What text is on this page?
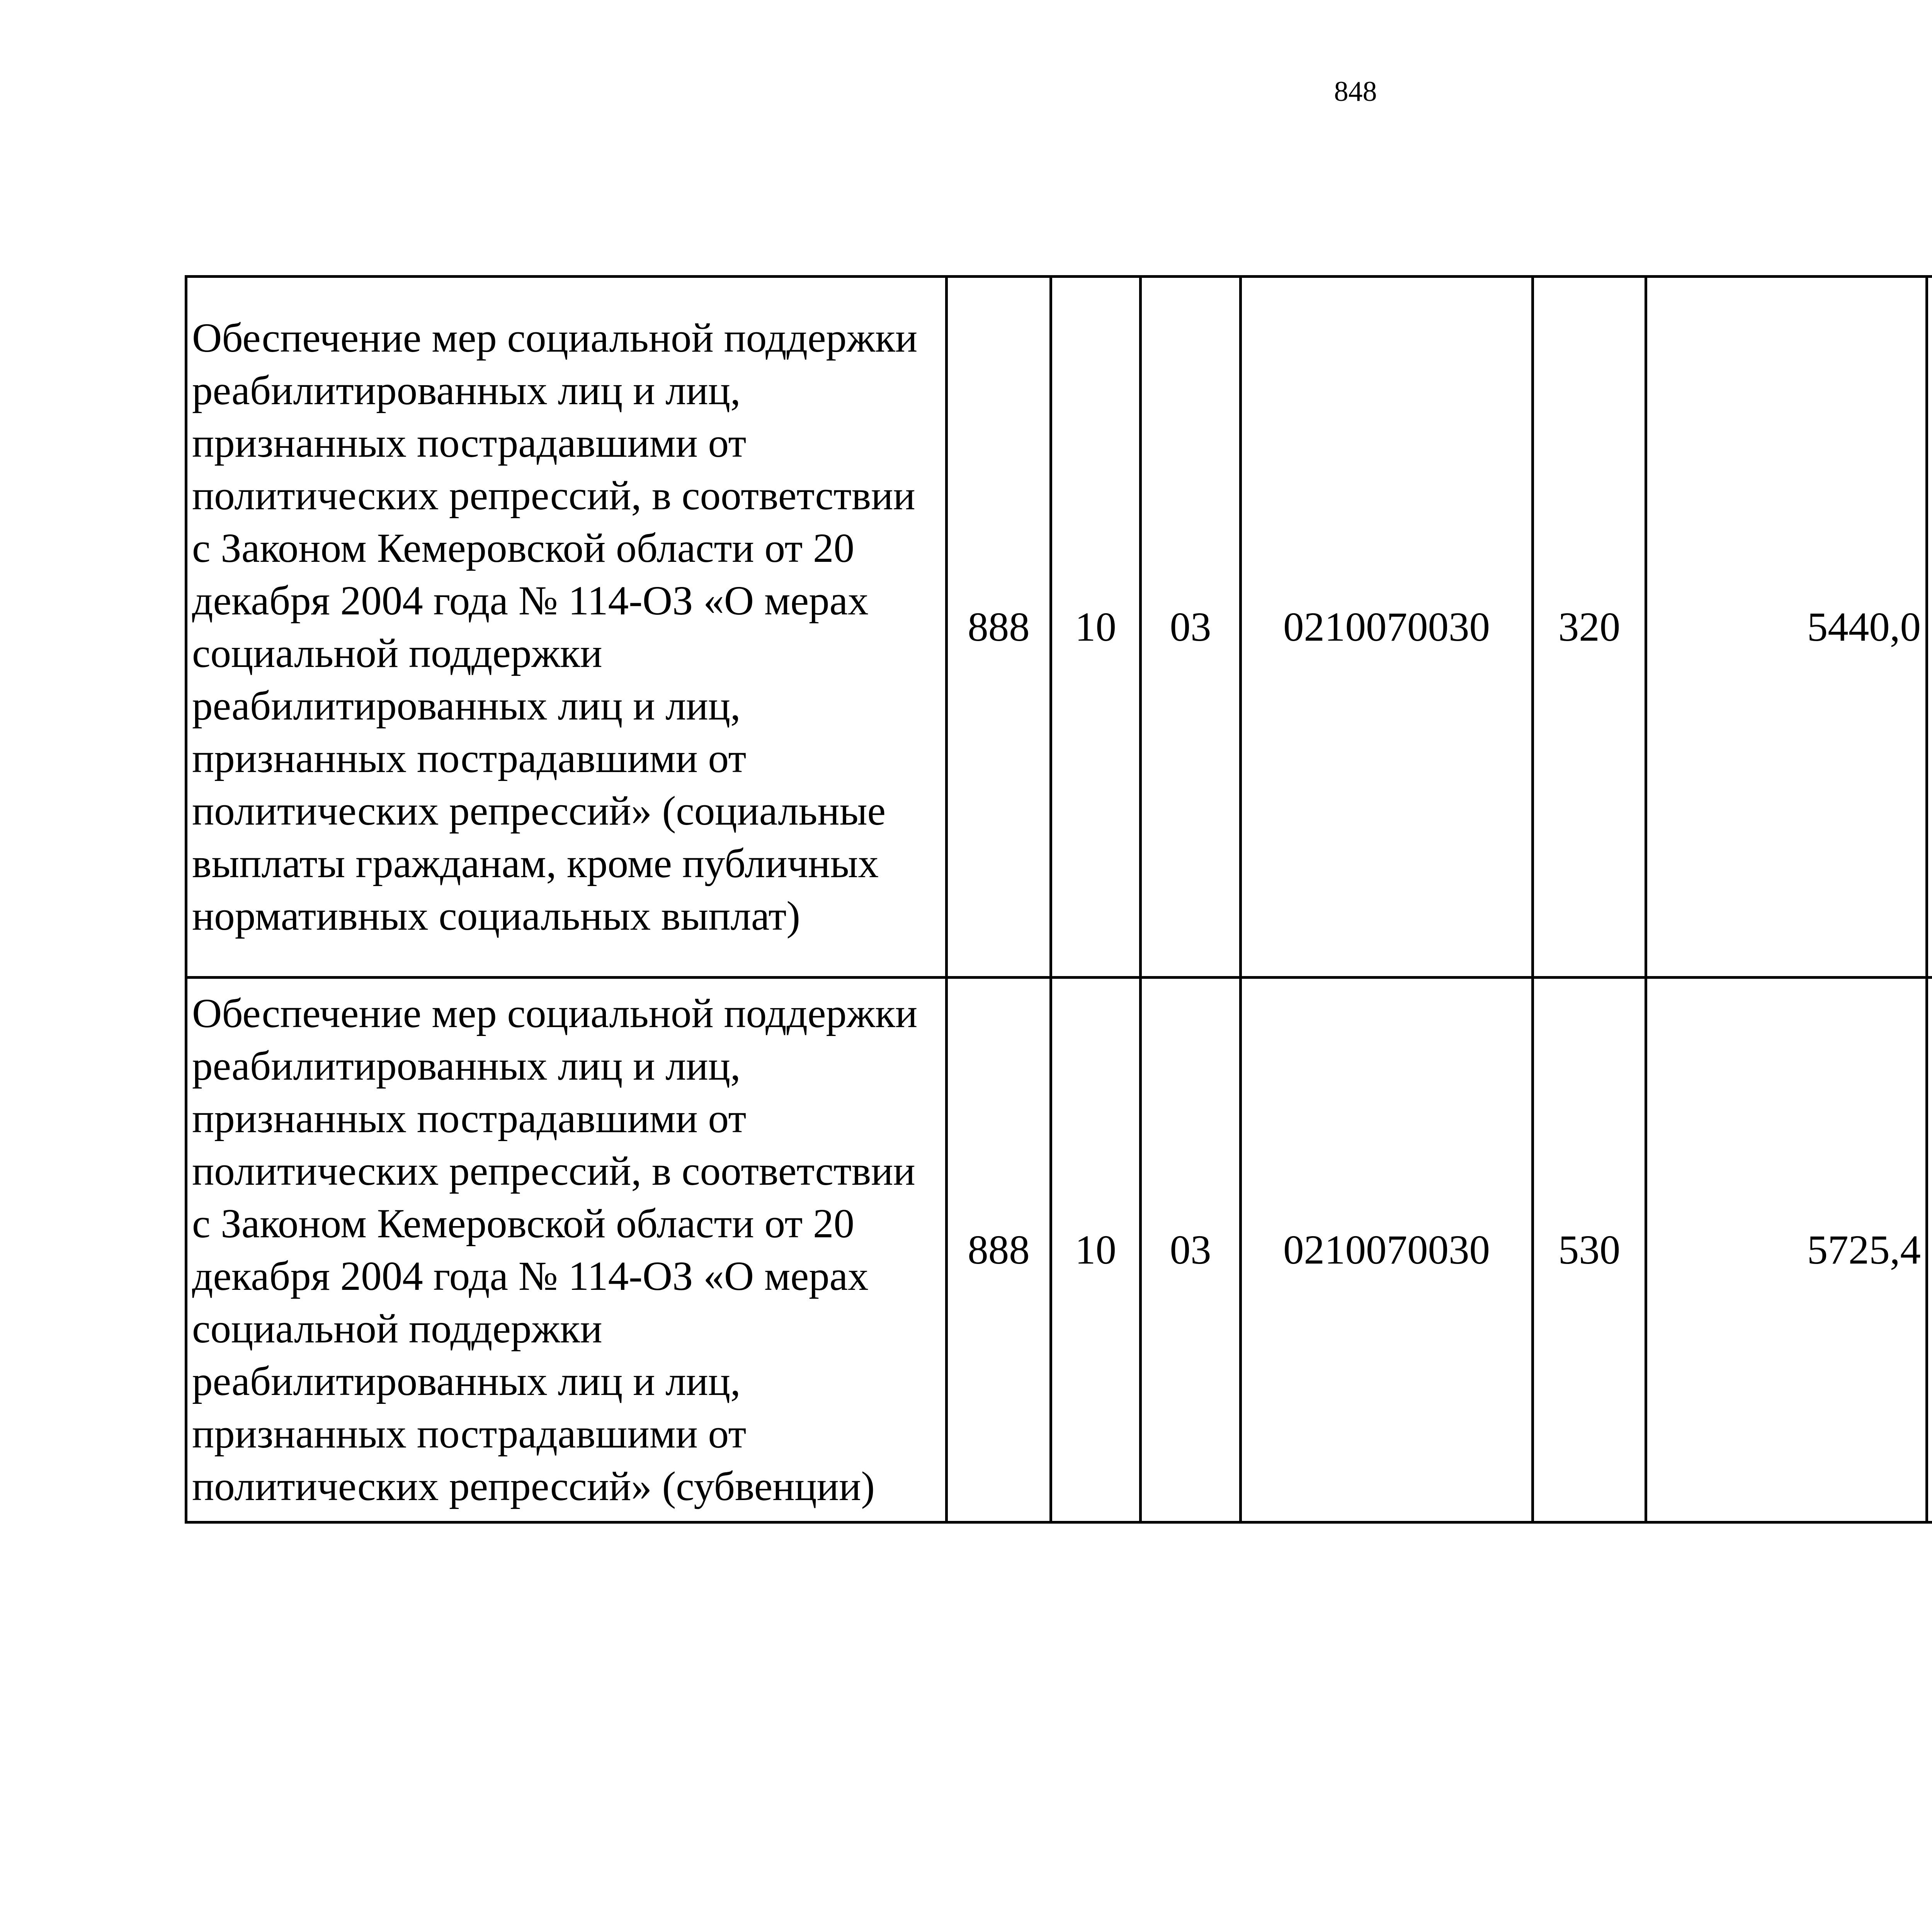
848
Обеспечение мер социальной поддержки реабилитированных лиц и лиц, признанных пострадавшими от политических репрессий, в соответствии с Законом Кемеровской области от 20 декабря 2004 года № 114-ОЗ «О мерах социальной поддержки реабилитированных лиц и лиц, признанных пострадавшими от политических репрессий» (социальные выплаты гражданам, кроме публичных нормативных социальных выплат)	888	10	03	0210070030	320	5440,0		
Обеспечение мер социальной поддержки реабилитированных лиц и лиц, признанных пострадавшими от политических репрессий, в соответствии с Законом Кемеровской области от 20 декабря 2004 года № 114-ОЗ «О мерах социальной поддержки реабилитированных лиц и лиц, признанных пострадавшими от политических репрессий» (субвенции)	888	10	03	0210070030	530	5725,4		
